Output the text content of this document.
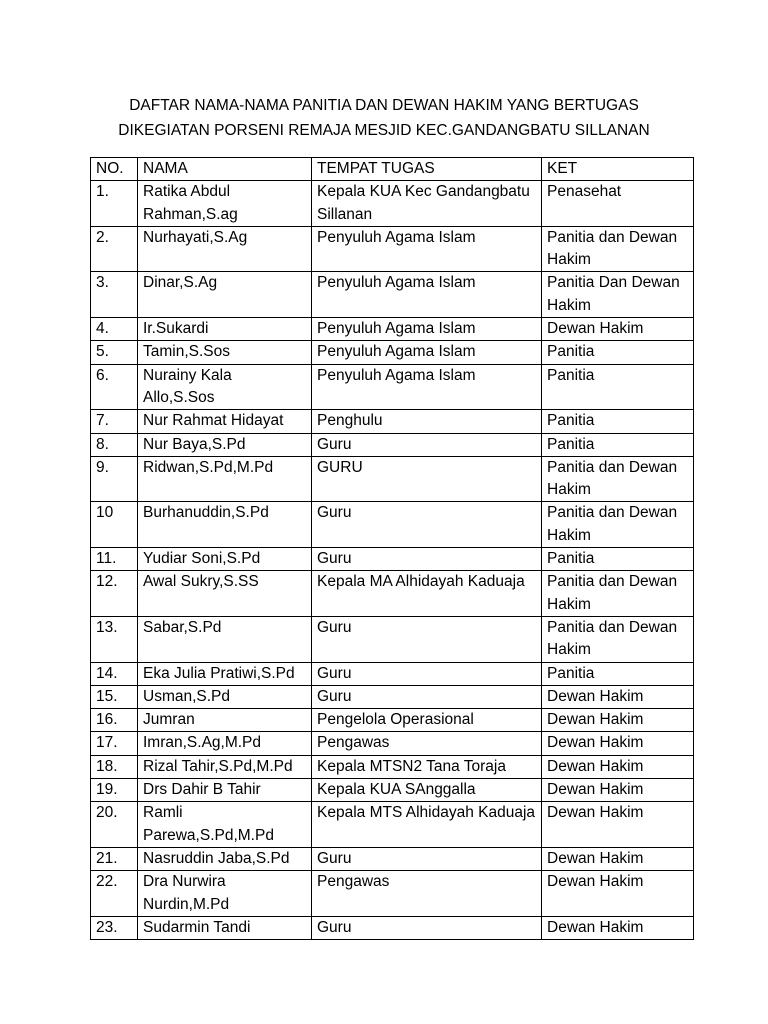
DAFTAR NAMA-NAMA PANITIA DAN DEWAN HAKIM YANG BERTUGAS
DIKEGIATAN PORSENI REMAJA MESJID KEC.GANDANGBATU SILLANAN
NO.	NAMA	TEMPAT TUGAS	KET
1.	Ratika Abdul Rahman,S.ag	Kepala KUA Kec Gandangbatu Sillanan	Penasehat
2.	Nurhayati,S.Ag	Penyuluh Agama Islam	Panitia dan Dewan Hakim
3.	Dinar,S.Ag	Penyuluh Agama Islam	Panitia Dan Dewan Hakim
4.	Ir.Sukardi	Penyuluh Agama Islam	Dewan Hakim
5.	Tamin,S.Sos	Penyuluh Agama Islam	Panitia
6.	Nurainy Kala Allo,S.Sos	Penyuluh Agama Islam	Panitia
7.	Nur Rahmat Hidayat	Penghulu	Panitia
8.	Nur Baya,S.Pd	Guru	Panitia
9.	Ridwan,S.Pd,M.Pd	GURU	Panitia dan Dewan Hakim
10	Burhanuddin,S.Pd	Guru	Panitia dan Dewan Hakim
11.	Yudiar Soni,S.Pd	Guru	Panitia
12.	Awal Sukry,S.SS	Kepala MA Alhidayah Kaduaja	Panitia dan Dewan Hakim
13.	Sabar,S.Pd	Guru	Panitia dan Dewan Hakim
14.	Eka Julia Pratiwi,S.Pd	Guru	Panitia
15.	Usman,S.Pd	Guru	Dewan Hakim
16.	Jumran	Pengelola Operasional	Dewan Hakim
17.	Imran,S.Ag,M.Pd	Pengawas	Dewan Hakim
18.	Rizal Tahir,S.Pd,M.Pd	Kepala MTSN2 Tana Toraja	Dewan Hakim
19.	Drs Dahir B Tahir	Kepala KUA SAnggalla	Dewan Hakim
20.	Ramli Parewa,S.Pd,M.Pd	Kepala MTS Alhidayah Kaduaja	Dewan Hakim
21.	Nasruddin Jaba,S.Pd	Guru	Dewan Hakim
22.	Dra Nurwira Nurdin,M.Pd	Pengawas	Dewan Hakim
23.	Sudarmin Tandi	Guru	Dewan Hakim
